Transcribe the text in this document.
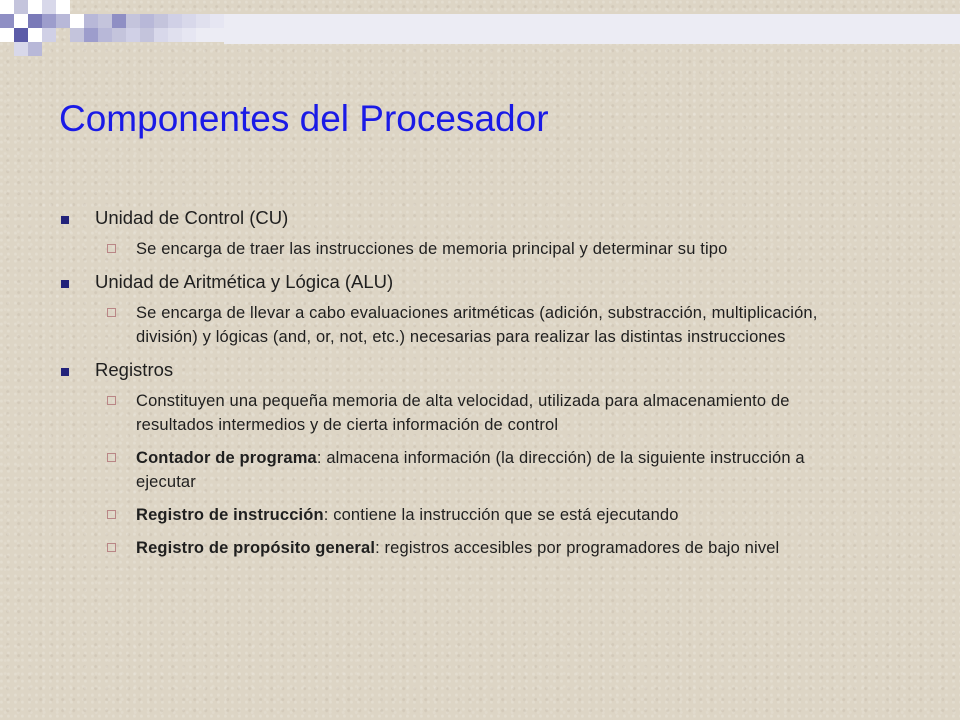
Componentes del Procesador
Unidad de Control (CU)
Se encarga de traer las instrucciones de memoria principal y determinar su tipo
Unidad de Aritmética y Lógica (ALU)
Se encarga de llevar a cabo evaluaciones aritméticas (adición, substracción, multiplicación, división) y lógicas (and, or, not, etc.) necesarias para realizar las distintas instrucciones
Registros
Constituyen una pequeña memoria de alta velocidad, utilizada para almacenamiento de resultados intermedios y de cierta información de control
Contador de programa: almacena información (la dirección) de la siguiente instrucción a ejecutar
Registro de instrucción: contiene la instrucción que se está ejecutando
Registro de propósito general: registros accesibles por programadores de bajo nivel
